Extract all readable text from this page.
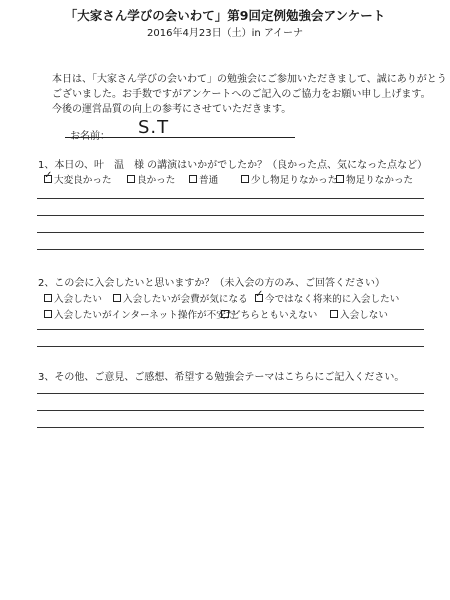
「大家さん学びの会いわて」第9回定例勉強会アンケート
2016年4月23日（土）in アイーナ
本日は、「大家さん学びの会いわて」の勉強会にご参加いただきまして、誠にありがとう
ございました。お手数ですがアンケートへのご記入のご協力をお願い申し上げます。
今後の運営品質の向上の参考にさせていただきます。
お名前： S.T
1、本日の、叶　温　様 の講演はいかがでしたか？（良かった点、気になった点など）
✓ 大変良かった	良かった	普通	少し物足りなかった 物足りなかった
2、この会に入会したいと思いますか？（未入会の方のみ、ご回答ください）
入会したい	入会したいが会費が気になる ✓ 今ではなく将来的に入会したい
入会したいがインターネット操作が不安だ
どちらともいえない	入会しない
3、その他、ご意見、ご感想、希望する勉強会テーマはこちらにご記入ください。
